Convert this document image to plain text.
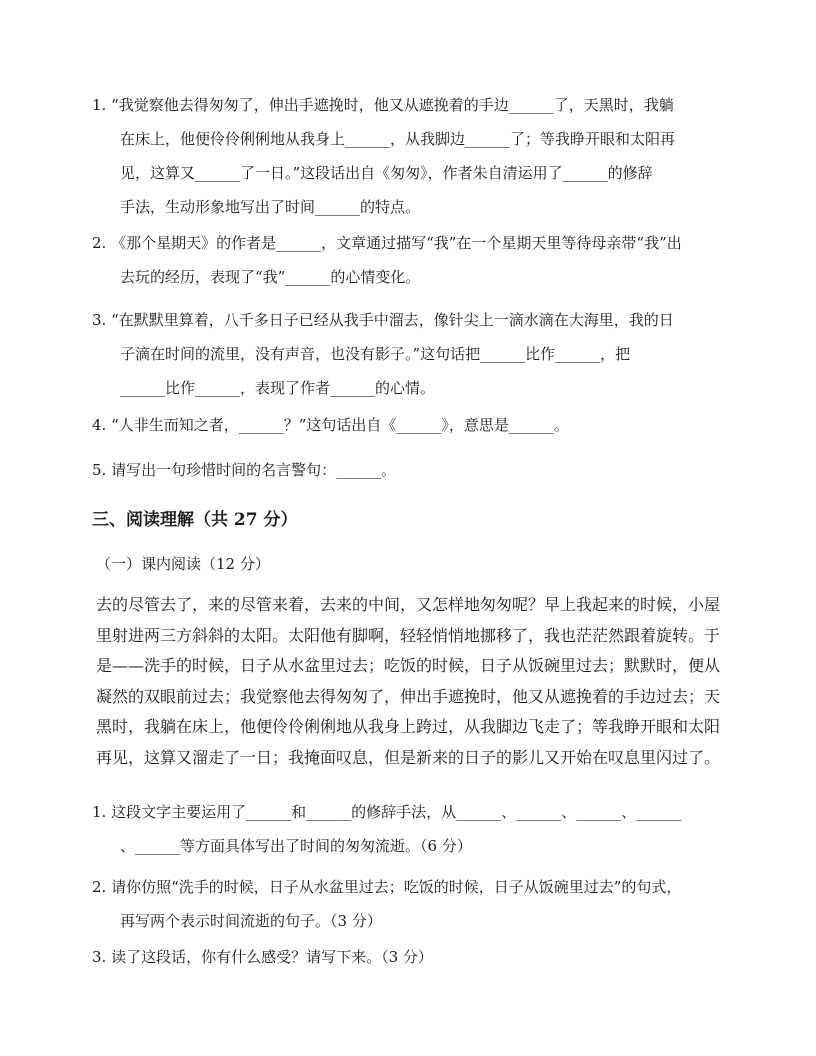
1. “我觉察他去得匆匆了，伸出手遮挽时，他又从遮挽着的手边______了，天黑时，我躺
在床上，他便伶伶俐俐地从我身上______，从我脚边______了；等我睁开眼和太阳再
见，这算又______了一日。”这段话出自《匆匆》，作者朱自清运用了______的修辞
手法，生动形象地写出了时间______的特点。
2. 《那个星期天》的作者是______，文章通过描写“我”在一个星期天里等待母亲带“我”出
去玩的经历，表现了“我”______的心情变化。
3. “在默默里算着，八千多日子已经从我手中溜去，像针尖上一滴水滴在大海里，我的日
子滴在时间的流里，没有声音，也没有影子。”这句话把______比作______，把
______比作______，表现了作者______的心情。
4. “人非生而知之者，______？”这句话出自《______》，意思是______。
5. 请写出一句珍惜时间的名言警句：______。
三、阅读理解（共 27 分）
（一）课内阅读（12 分）
去的尽管去了，来的尽管来着，去来的中间，又怎样地匆匆呢？早上我起来的时候，小屋
里射进两三方斜斜的太阳。太阳他有脚啊，轻轻悄悄地挪移了，我也茫茫然跟着旋转。于
是——洗手的时候，日子从水盆里过去；吃饭的时候，日子从饭碗里过去；默默时，便从
凝然的双眼前过去；我觉察他去得匆匆了，伸出手遮挽时，他又从遮挽着的手边过去；天
黑时，我躺在床上，他便伶伶俐俐地从我身上跨过，从我脚边飞走了；等我睁开眼和太阳
再见，这算又溜走了一日；我掩面叹息，但是新来的日子的影儿又开始在叹息里闪过了。
1. 这段文字主要运用了______和______的修辞手法，从______、______、______、______
、______等方面具体写出了时间的匆匆流逝。（6 分）
2. 请你仿照“洗手的时候，日子从水盆里过去；吃饭的时候，日子从饭碗里过去”的句式，
再写两个表示时间流逝的句子。（3 分）
3. 读了这段话，你有什么感受？请写下来。（3 分）
